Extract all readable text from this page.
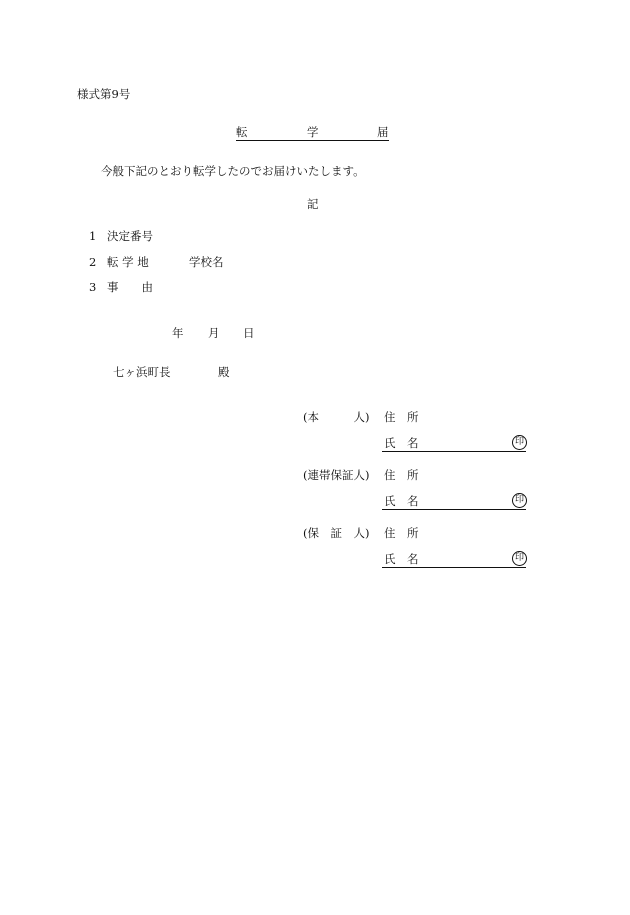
様式第9号
転	学	届
今般下記のとおり転学したのでお届けいたします。
記
1 決定番号
2 転 学 地	学校名
3 事　　由
年 月 日
七ヶ浜町長	殿
(本　　　人) 住　所
氏　名	印
(連帯保証人) 住　所
氏　名	印
(保　証　人) 住　所
氏　名	印
